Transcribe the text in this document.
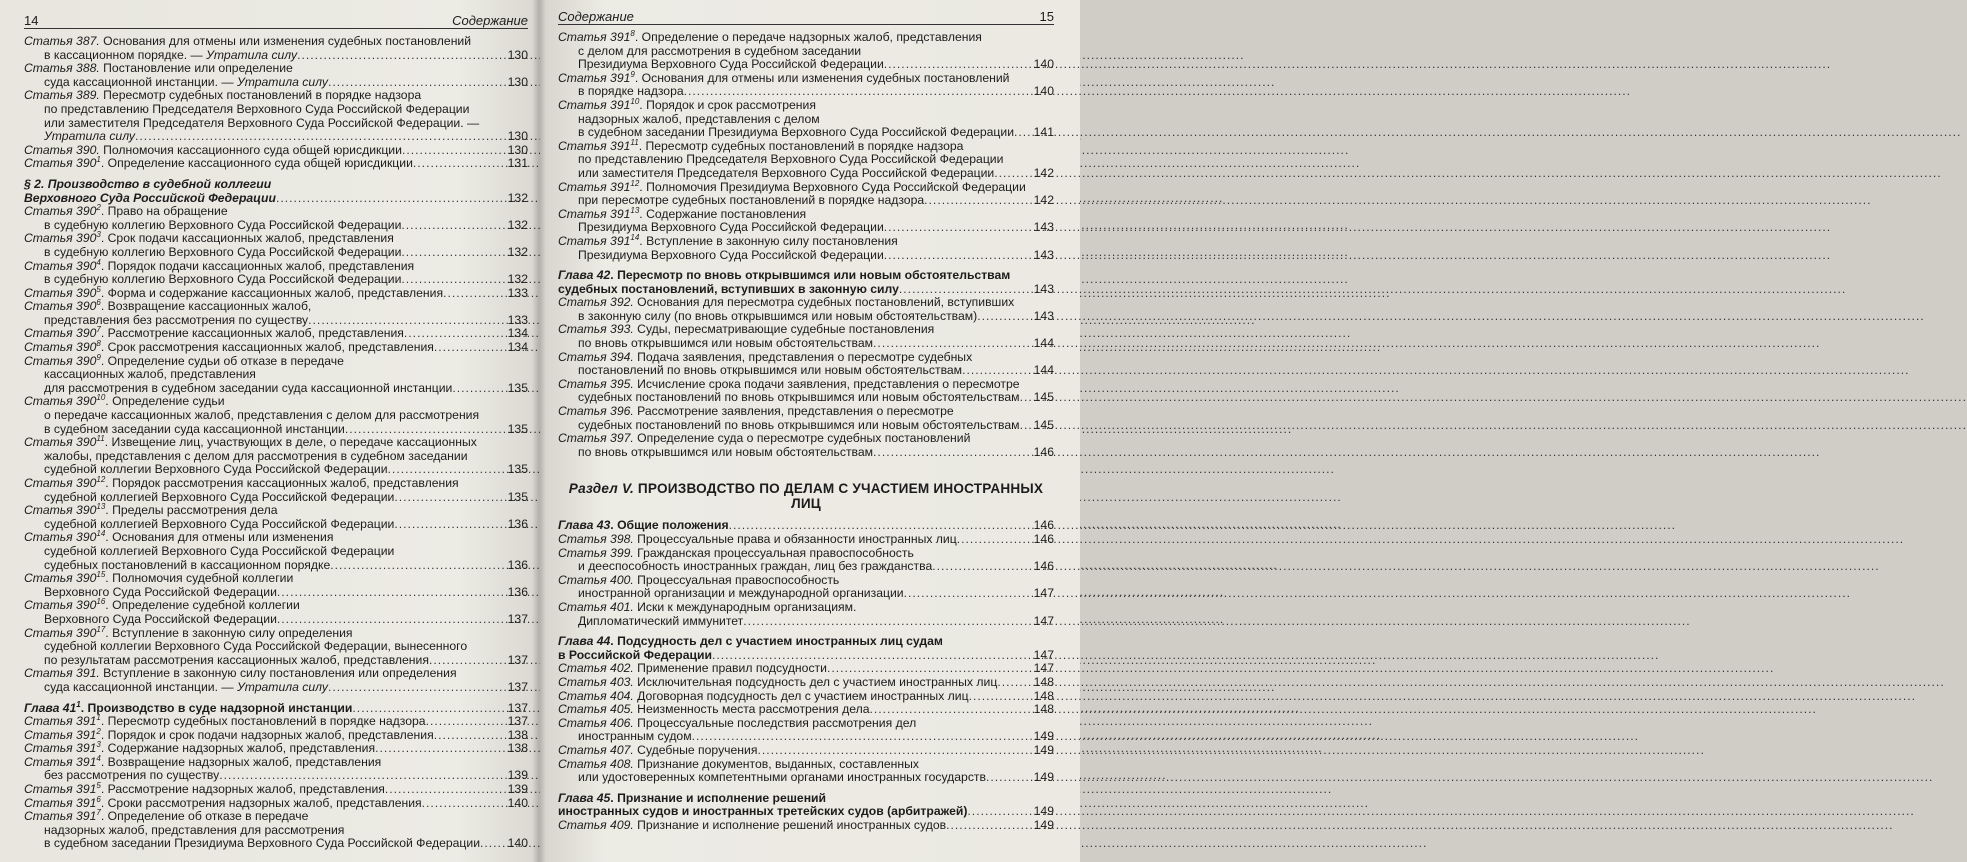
14	Содержание
Статья 387. Основания для отмены или изменения судебных постановлений
в кассационном порядке. — Утратила силу .....	130
Статья 388. Постановление или определение
суда кассационной инстанции. — Утратила силу .....	130
Статья 389. Пересмотр судебных постановлений в порядке надзора
по представлению Председателя Верховного Суда Российской Федерации
или заместителя Председателя Верховного Суда Российской Федерации. —
Утратила силу .....	130
Статья 390. Полномочия кассационного суда общей юрисдикции .....	130
Статья $390^1$. Определение кассационного суда общей юрисдикции .....	131
§ 2. Производство в судебной коллегии
Верховного Суда Российской Федерации .....	132
Статья $390^2$. Право на обращение
в судебную коллегию Верховного Суда Российской Федерации .....	132
Статья $390^3$. Срок подачи кассационных жалоб, представления
в судебную коллегию Верховного Суда Российской Федерации .....	132
Статья $390^4$. Порядок подачи кассационных жалоб, представления
в судебную коллегию Верховного Суда Российской Федерации .....	132
Статья $390^5$. Форма и содержание кассационных жалоб, представления .....	133
Статья $390^6$. Возвращение кассационных жалоб,
представления без рассмотрения по существу .....	133
Статья $390^7$. Рассмотрение кассационных жалоб, представления .....	134
Статья $390^8$. Срок рассмотрения кассационных жалоб, представления .....	134
Статья $390^9$. Определение судьи об отказе в передаче
кассационных жалоб, представления
для рассмотрения в судебном заседании суда кассационной инстанции .....	135
Статья $390^{10}$. Определение судьи
о передаче кассационных жалоб, представления с делом для рассмотрения
в судебном заседании суда кассационной инстанции .....	135
Статья $390^{11}$. Извещение лиц, участвующих в деле, о передаче кассационных
жалобы, представления с делом для рассмотрения в судебном заседании
судебной коллегии Верховного Суда Российской Федерации .....	135
Статья $390^{12}$. Порядок рассмотрения кассационных жалоб, представления
судебной коллегией Верховного Суда Российской Федерации .....	135
Статья $390^{13}$. Пределы рассмотрения дела
судебной коллегией Верховного Суда Российской Федерации .....	136
Статья $390^{14}$. Основания для отмены или изменения
судебной коллегией Верховного Суда Российской Федерации
судебных постановлений в кассационном порядке .....	136
Статья $390^{15}$. Полномочия судебной коллегии
Верховного Суда Российской Федерации .....	136
Статья $390^{16}$. Определение судебной коллегии
Верховного Суда Российской Федерации .....	137
Статья $390^{17}$. Вступление в законную силу определения
судебной коллегии Верховного Суда Российской Федерации, вынесенного
по результатам рассмотрения кассационных жалоб, представления .....	137
Статья 391. Вступление в законную силу постановления или определения
суда кассационной инстанции. — Утратила силу .....	137
Глава $41^1$. Производство в суде надзорной инстанции .....	137
Статья $391^1$. Пересмотр судебных постановлений в порядке надзора .....	137
Статья $391^2$. Порядок и срок подачи надзорных жалоб, представления .....	138
Статья $391^3$. Содержание надзорных жалоб, представления .....	138
Статья $391^4$. Возвращение надзорных жалоб, представления
без рассмотрения по существу .....	139
Статья $391^5$. Рассмотрение надзорных жалоб, представления .....	139
Статья $391^6$. Сроки рассмотрения надзорных жалоб, представления .....	140
Статья $391^7$. Определение об отказе в передаче
надзорных жалоб, представления для рассмотрения
в судебном заседании Президиума Верховного Суда Российской Федерации ..... 140
Содержание	15
Статья $391^8$. Определение о передаче надзорных жалоб, представления
с делом для рассмотрения в судебном заседании
Президиума Верховного Суда Российской Федерации .....	140
Статья $391^9$. Основания для отмены или изменения судебных постановлений
в порядке надзора .....	140
Статья $391^{10}$. Порядок и срок рассмотрения
надзорных жалоб, представления с делом
в судебном заседании Президиума Верховного Суда Российской Федерации ..... 141
Статья $391^{11}$. Пересмотр судебных постановлений в порядке надзора
по представлению Председателя Верховного Суда Российской Федерации
или заместителя Председателя Верховного Суда Российской Федерации .....	142
Статья $391^{12}$. Полномочия Президиума Верховного Суда Российской Федерации
при пересмотре судебных постановлений в порядке надзора .....	142
Статья $391^{13}$. Содержание постановления
Президиума Верховного Суда Российской Федерации .....	143
Статья $391^{14}$. Вступление в законную силу постановления
Президиума Верховного Суда Российской Федерации .....	143
Глава 42. Пересмотр по вновь открывшимся или новым обстоятельствам
судебных постановлений, вступивших в законную силу .....	143
Статья 392. Основания для пересмотра судебных постановлений, вступивших
в законную силу (по вновь открывшимся или новым обстоятельствам) .....	143
Статья 393. Суды, пересматривающие судебные постановления
по вновь открывшимся или новым обстоятельствам .....	144
Статья 394. Подача заявления, представления о пересмотре судебных
постановлений по вновь открывшимся или новым обстоятельствам .....	144
Статья 395. Исчисление срока подачи заявления, представления о пересмотре
судебных постановлений по вновь открывшимся или новым обстоятельствам ..... 145
Статья 396. Рассмотрение заявления, представления о пересмотре
судебных постановлений по вновь открывшимся или новым обстоятельствам ..... 145
Статья 397. Определение суда о пересмотре судебных постановлений
по вновь открывшимся или новым обстоятельствам .....	146
Раздел V. ПРОИЗВОДСТВО ПО ДЕЛАМ С УЧАСТИЕМ ИНОСТРАННЫХ ЛИЦ
Глава 43. Общие положения .....	146
Статья 398. Процессуальные права и обязанности иностранных лиц .....	146
Статья 399. Гражданская процессуальная правоспособность
и дееспособность иностранных граждан, лиц без гражданства .....	146
Статья 400. Процессуальная правоспособность
иностранной организации и международной организации .....	147
Статья 401. Иски к международным организациям.
Дипломатический иммунитет .....	147
Глава 44. Подсудность дел с участием иностранных лиц судам
в Российской Федерации .....	147
Статья 402. Применение правил подсудности .....	147
Статья 403. Исключительная подсудность дел с участием иностранных лиц .....	148
Статья 404. Договорная подсудность дел с участием иностранных лиц .....	148
Статья 405. Неизменность места рассмотрения дела .....	148
Статья 406. Процессуальные последствия рассмотрения дел
иностранным судом .....	149
Статья 407. Судебные поручения .....	149
Статья 408. Признание документов, выданных, составленных
или удостоверенных компетентными органами иностранных государств .....	149
Глава 45. Признание и исполнение решений
иностранных судов и иностранных третейских судов (арбитражей) .....	149
Статья 409. Признание и исполнение решений иностранных судов .....	149
